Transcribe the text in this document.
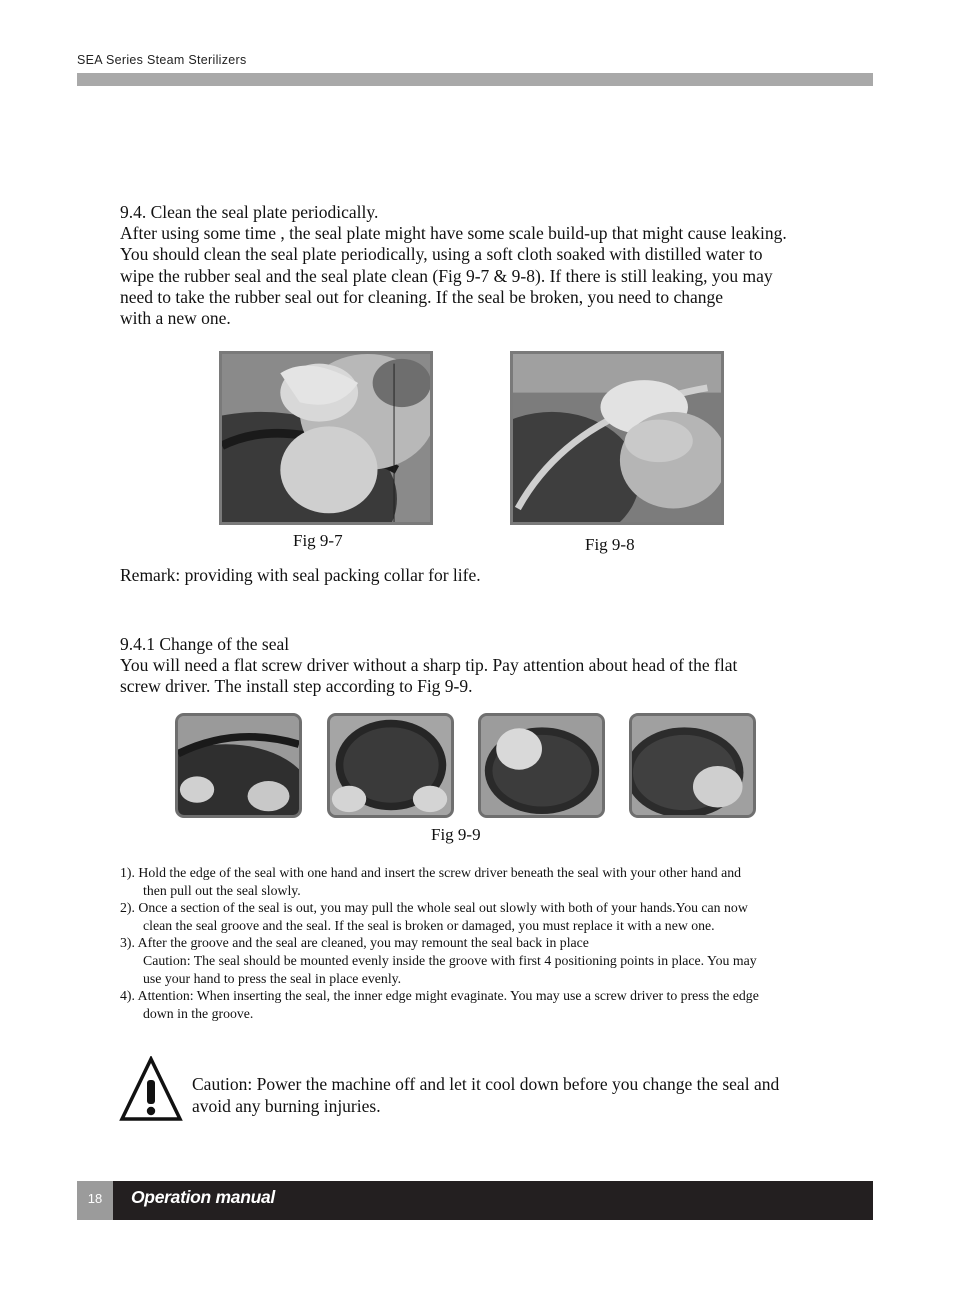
SEA Series Steam Sterilizers

9.4. Clean the seal plate periodically.

After using some time , the seal plate might have some scale build-up that might cause leaking.

You should clean the seal plate periodically, using a soft cloth soaked with distilled water to

wipe the rubber seal and the seal plate clean (Fig 9-7 & 9-8). If there is still leaking, you may

need to take the rubber seal out for cleaning. If the seal be broken, you need to change

with a new one.

Fig 9-7	Fig 9-8
Remark: providing with seal packing collar for life.

9.4.1 Change of the seal

You will need a flat screw driver without a sharp tip. Pay attention about head of the flat

screw driver. The install step according to Fig 9-9.

Fig 9-9
1). Hold the edge of the seal with one hand and insert the screw driver beneath the seal with your other hand and
then pull out the seal slowly.
2). Once a section of the seal is out, you may pull the whole seal out slowly with both of your hands.You can now
clean the seal groove and the seal. If the seal is broken or damaged, you must replace it with a new one.
3). After the groove and the seal are cleaned, you may remount the seal back in place
Caution: The seal should be mounted evenly inside the groove with first 4 positioning points in place. You may
use your hand to press the seal in place evenly.
4). Attention: When inserting the seal, the inner edge might evaginate. You may use a screw driver to press the edge
down in the groove.
Caution: Power the machine off and let it cool down before you change the seal and
avoid any burning injuries.
18	Operation manual
